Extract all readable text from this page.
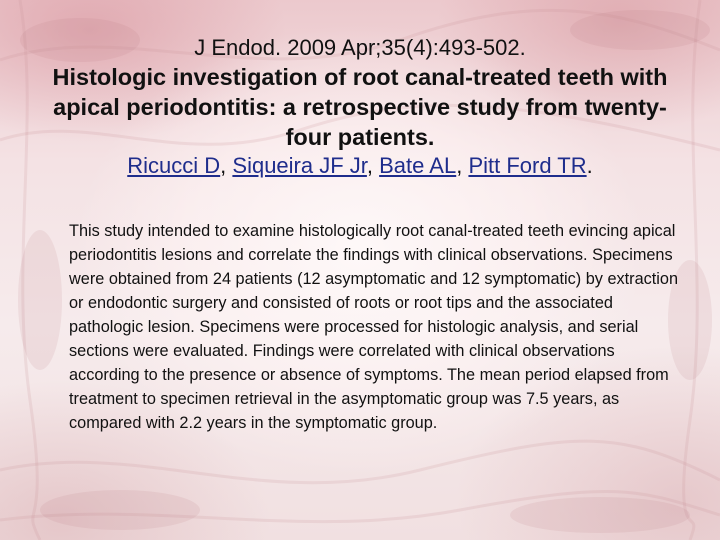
J Endod. 2009 Apr;35(4):493-502.

Histologic investigation of root canal-treated teeth with apical periodontitis: a retrospective study from twenty-four patients.

Ricucci D, Siqueira JF Jr, Bate AL, Pitt Ford TR.

This study intended to examine histologically root canal-treated teeth evincing apical periodontitis lesions and correlate the findings with clinical observations. Specimens were obtained from 24 patients (12 asymptomatic and 12 symptomatic) by extraction or endodontic surgery and consisted of roots or root tips and the associated pathologic lesion. Specimens were processed for histologic analysis, and serial sections were evaluated. Findings were correlated with clinical observations according to the presence or absence of symptoms. The mean period elapsed from treatment to specimen retrieval in the asymptomatic group was 7.5 years, as compared with 2.2 years in the symptomatic group.
